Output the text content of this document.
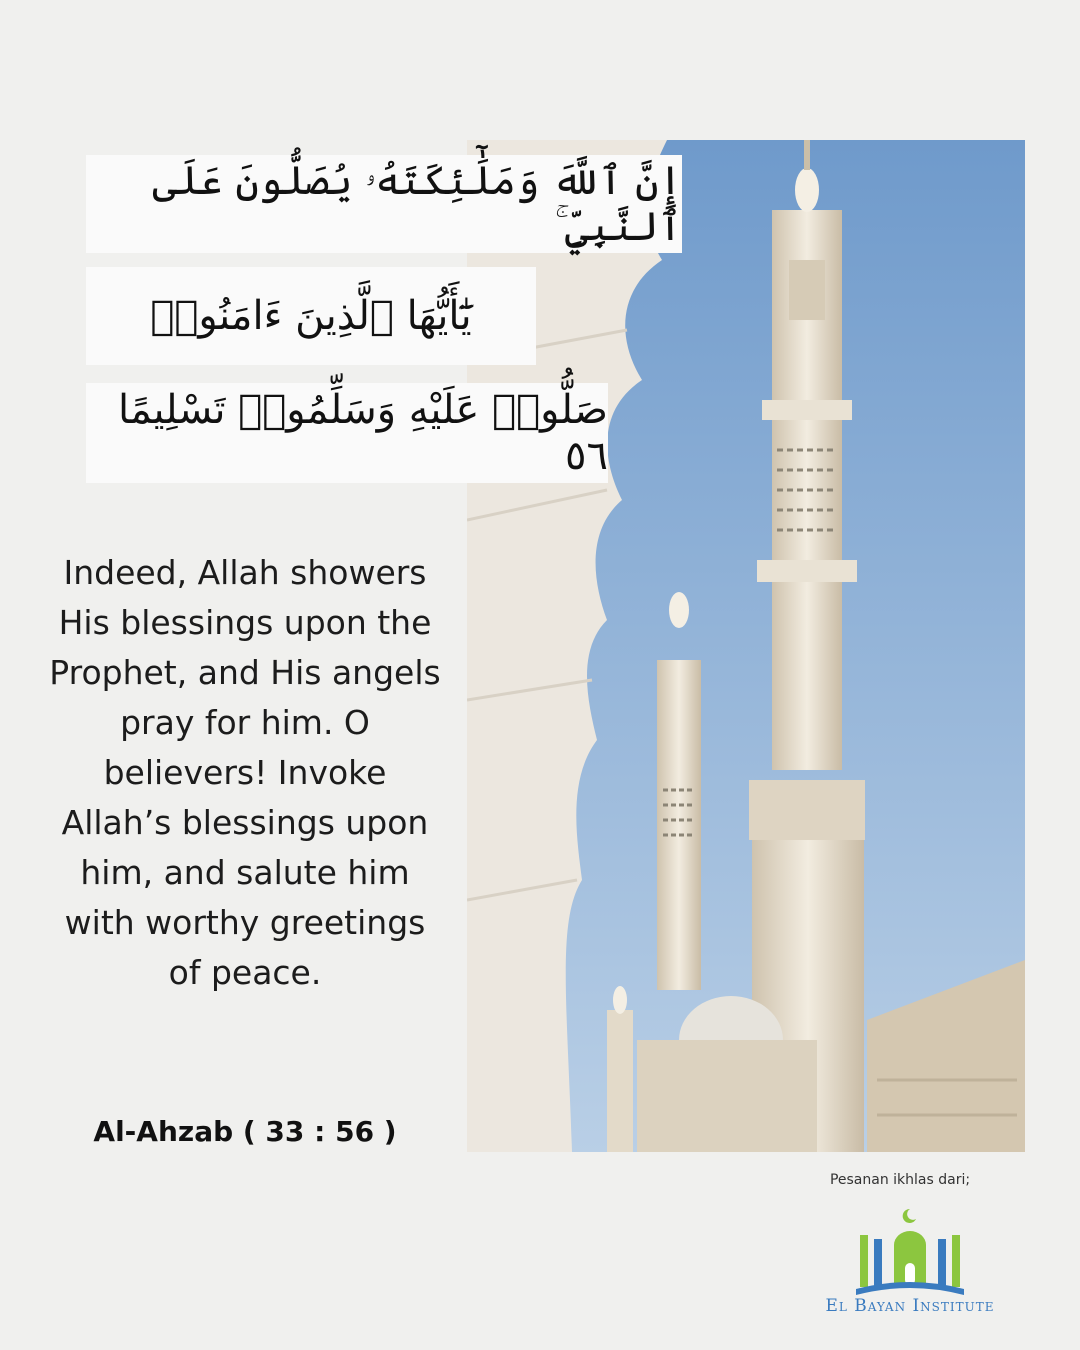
إِنَّ ٱللَّهَ وَمَلَٰٓئِكَتَهُۥ يُصَلُّونَ عَلَى ٱلنَّبِيِّ ۚ
يَٰٓأَيُّهَا ٱلَّذِينَ ءَامَنُوا۟
صَلُّوا۟ عَلَيْهِ وَسَلِّمُوا۟ تَسْلِيمًا ٥٦
Indeed, Allah showers His blessings upon the Prophet, and His angels pray for him. O believers! Invoke Allah’s blessings upon him, and salute him with worthy greetings of peace.
Al-Ahzab ( 33 : 56 )
Pesanan ikhlas dari;
El Bayan Institute
